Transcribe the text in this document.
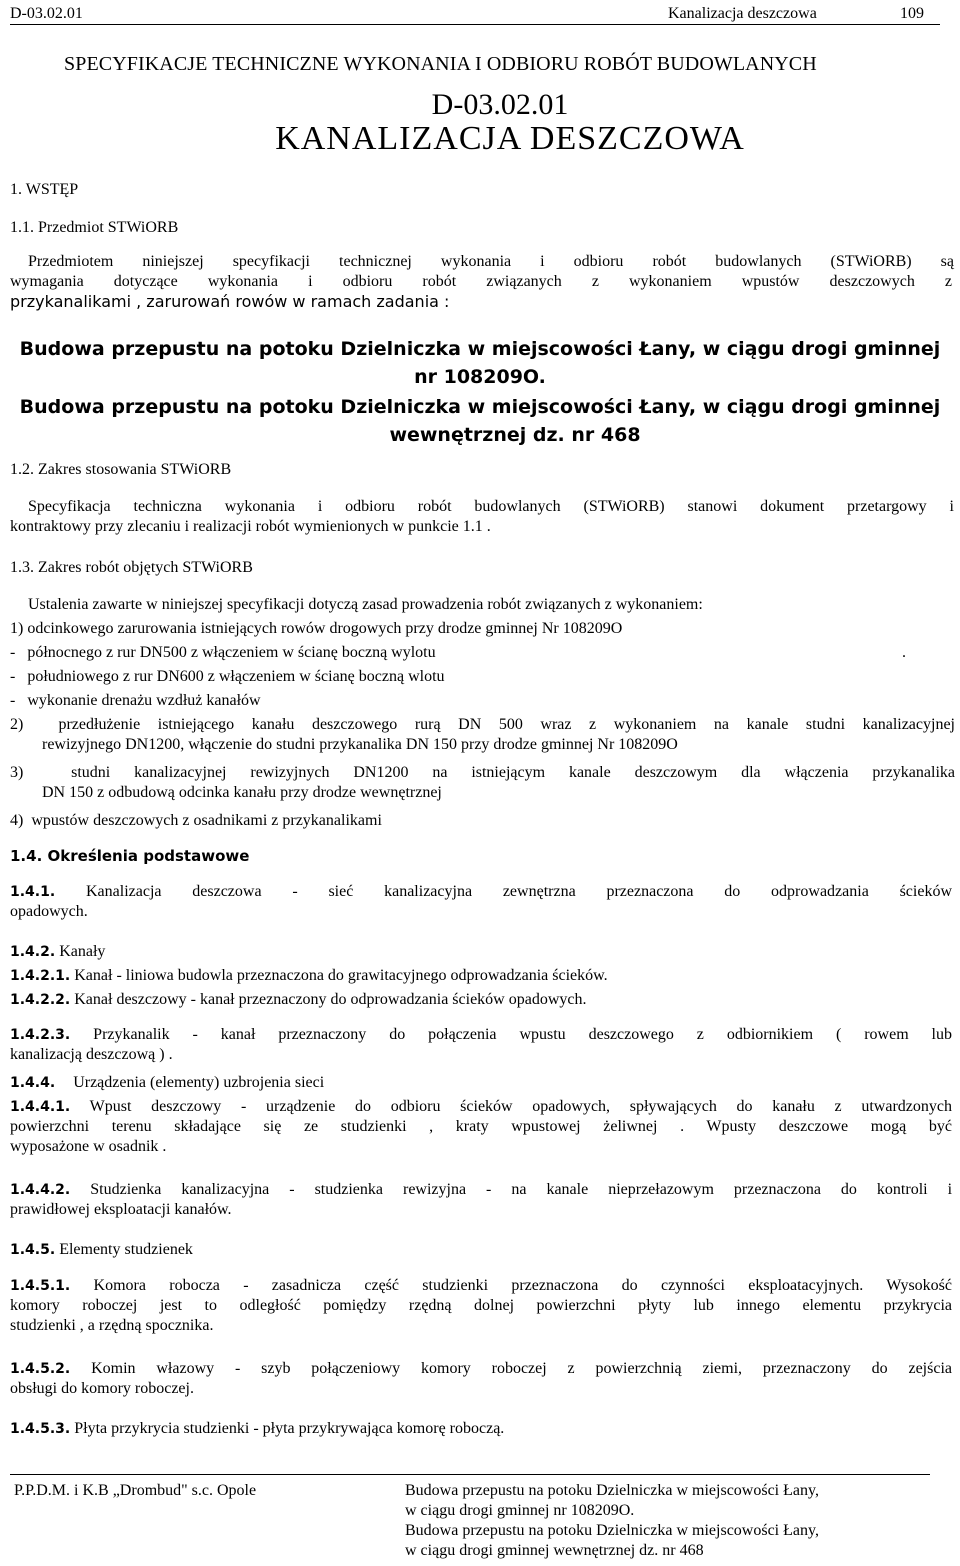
D-03.02.01	Kanalizacja deszczowa	109
SPECYFIKACJE TECHNICZNE WYKONANIA I ODBIORU ROBÓT BUDOWLANYCH
D-03.02.01
KANALIZACJA DESZCZOWA
1. WSTĘP
1.1. Przedmiot STWiORB
Przedmiotem niniejszej specyfikacji technicznej wykonania i odbioru robót budowlanych (STWiORB) są
wymagania dotyczące wykonania i odbioru robót związanych z wykonaniem wpustów deszczowych z
przykanalikami , zarurowań rowów w ramach zadania :
Budowa przepustu na potoku Dzielniczka w miejscowości Łany, w ciągu drogi gminnej
nr 108209O.
Budowa przepustu na potoku Dzielniczka w miejscowości Łany, w ciągu drogi gminnej
wewnętrznej dz. nr 468
1.2. Zakres stosowania STWiORB
Specyfikacja techniczna wykonania i odbioru robót budowlanych (STWiORB) stanowi dokument przetargowy i
kontraktowy przy zlecaniu i realizacji robót wymienionych w punkcie 1.1 .
1.3. Zakres robót objętych STWiORB
Ustalenia zawarte w niniejszej specyfikacji dotyczą zasad prowadzenia robót związanych z wykonaniem:
1) odcinkowego zarurowania istniejących rowów drogowych przy drodze gminnej Nr 108209O
-   północnego z rur DN500 z włączeniem w ścianę boczną wylotu	.
-   południowego z rur DN600 z włączeniem w ścianę boczną wlotu
-   wykonanie drenażu wzdłuż kanałów
2)  przedłużenie istniejącego kanału deszczowego rurą DN 500 wraz z wykonaniem na kanale studni kanalizacyjnej
rewizyjnego DN1200, włączenie do studni przykanalika DN 150 przy drodze gminnej Nr 108209O
3)  studni kanalizacyjnej rewizyjnych DN1200 na istniejącym kanale deszczowym dla włączenia przykanalika
DN 150 z odbudową odcinka kanału przy drodze wewnętrznej
4)  wpustów deszczowych z osadnikami z przykanalikami
1.4. Określenia podstawowe
1.4.1. Kanalizacja deszczowa - sieć kanalizacyjna zewnętrzna przeznaczona do odprowadzania ścieków
opadowych.
1.4.2. Kanały
1.4.2.1. Kanał - liniowa budowla przeznaczona do grawitacyjnego odprowadzania ścieków.
1.4.2.2. Kanał deszczowy - kanał przeznaczony do odprowadzania ścieków opadowych.
1.4.2.3. Przykanalik - kanał przeznaczony do połączenia wpustu deszczowego z odbiornikiem ( rowem lub
kanalizacją deszczową ) .
1.4.4. Urządzenia (elementy) uzbrojenia sieci
1.4.4.1. Wpust deszczowy - urządzenie do odbioru ścieków opadowych, spływających do kanału z utwardzonych
powierzchni terenu składające się ze studzienki , kraty wpustowej żeliwnej . Wpusty deszczowe mogą być
wyposażone w osadnik .
1.4.4.2. Studzienka kanalizacyjna - studzienka rewizyjna - na kanale nieprzełazowym przeznaczona do kontroli i
prawidłowej eksploatacji kanałów.
1.4.5. Elementy studzienek
1.4.5.1. Komora robocza - zasadnicza część studzienki przeznaczona do czynności eksploatacyjnych. Wysokość
komory roboczej jest to odległość pomiędzy rzędną dolnej powierzchni płyty lub innego elementu przykrycia
studzienki , a rzędną spocznika.
1.4.5.2. Komin włazowy - szyb połączeniowy komory roboczej z powierzchnią ziemi, przeznaczony do zejścia
obsługi do komory roboczej.
1.4.5.3. Płyta przykrycia studzienki - płyta przykrywająca komorę roboczą.
P.P.D.M. i K.B „Drombud" s.c. Opole	Budowa przepustu na potoku Dzielniczka w miejscowości Łany,
w ciągu drogi gminnej nr 108209O.
Budowa przepustu na potoku Dzielniczka w miejscowości Łany,
w ciągu drogi gminnej wewnętrznej dz. nr 468
